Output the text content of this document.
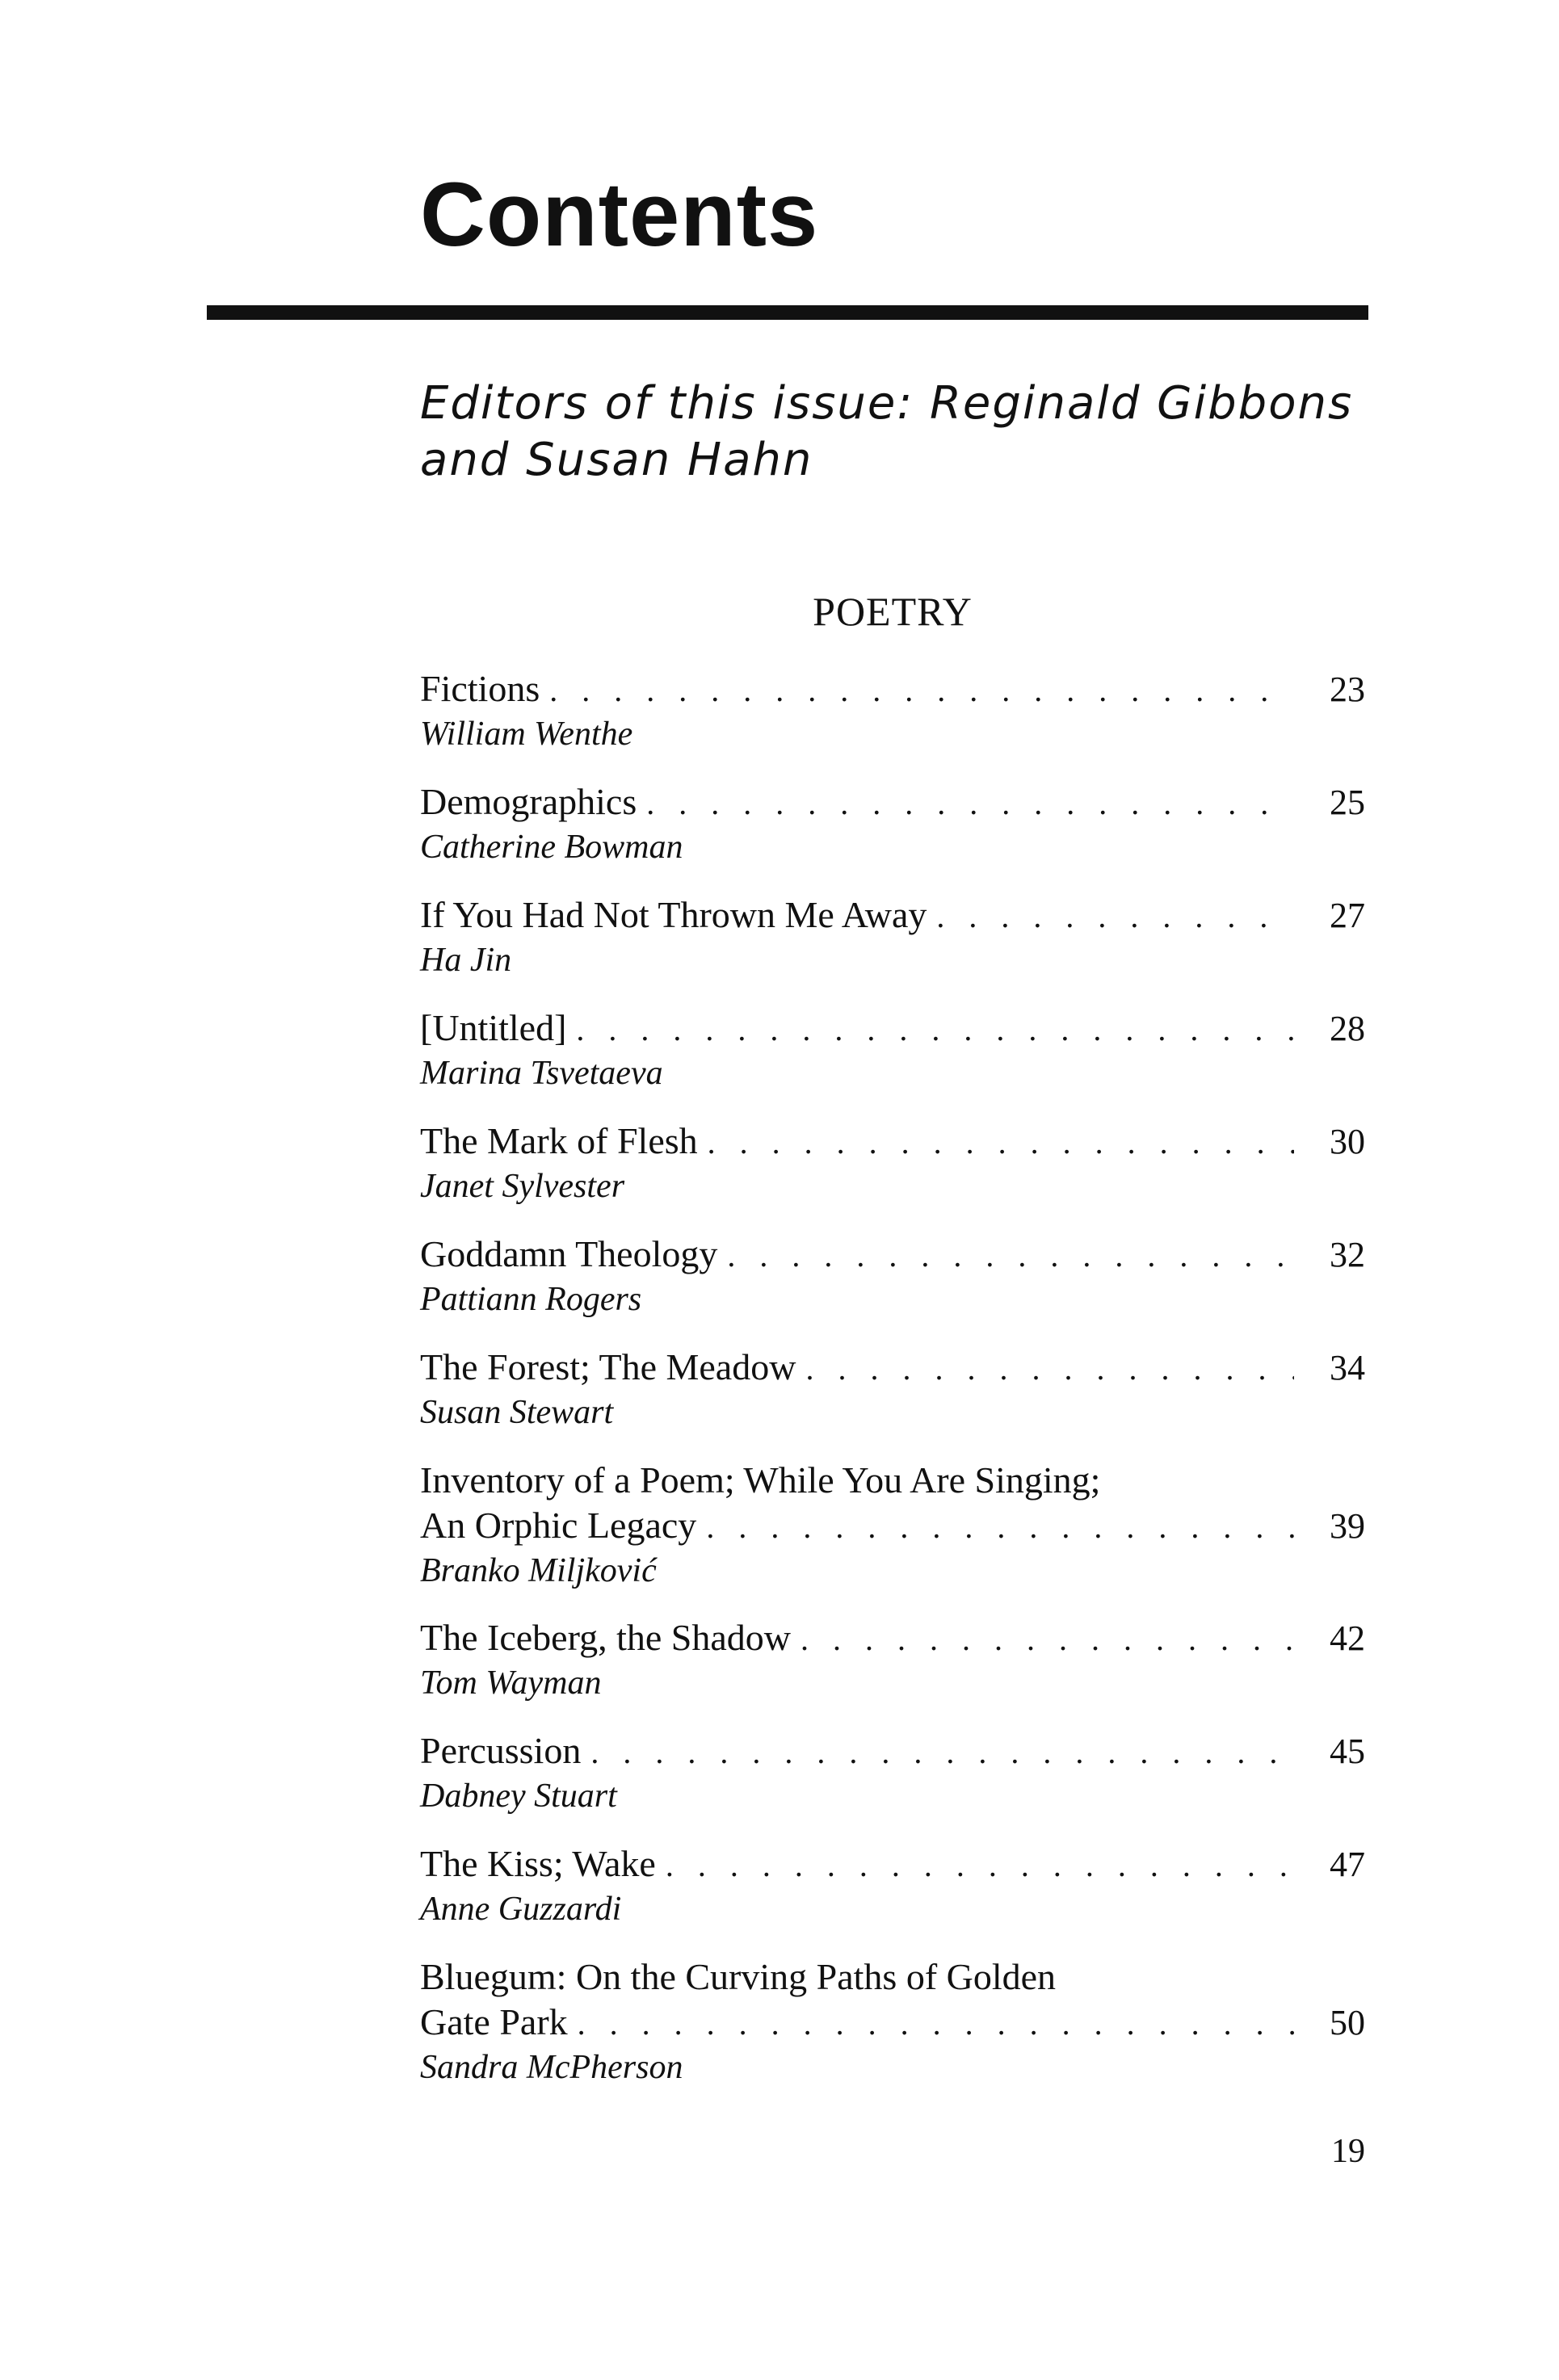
Contents
Editors of this issue: Reginald Gibbons
and Susan Hahn
POETRY
Fictions . . .	23
William Wenthe
Demographics . . .	25
Catherine Bowman
If You Had Not Thrown Me Away . . .	27
Ha Jin
[Untitled] . . .	28
Marina Tsvetaeva
The Mark of Flesh . . .	30
Janet Sylvester
Goddamn Theology . . .	32
Pattiann Rogers
The Forest; The Meadow . . .	34
Susan Stewart
Inventory of a Poem; While You Are Singing;
An Orphic Legacy . . .	39
Branko Miljković
The Iceberg, the Shadow . . .	42
Tom Wayman
Percussion . . .	45
Dabney Stuart
The Kiss; Wake . . .	47
Anne Guzzardi
Bluegum: On the Curving Paths of Golden
Gate Park . . .	50
Sandra McPherson
19
